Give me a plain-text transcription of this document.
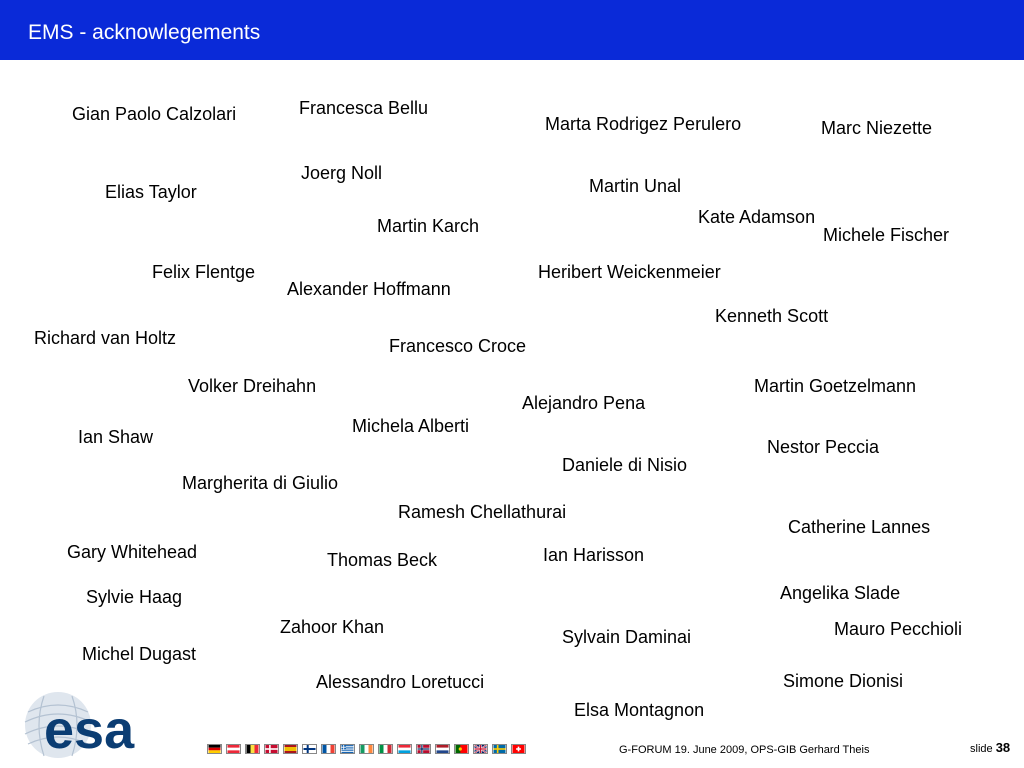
EMS - acknowlegements
Gian Paolo Calzolari	Francesca Bellu
Marta Rodrigez Perulero	Marc Niezette
Joerg Noll
Elias Taylor	Martin Unal
Kate Adamson
Martin Karch	Michele Fischer
Felix Flentge	Heribert Weickenmeier
Alexander Hoffmann
Kenneth Scott
Richard van Holtz	Francesco Croce
Volker Dreihahn	Martin Goetzelmann
Alejandro Pena
Michela Alberti
Ian Shaw	Nestor Peccia
Daniele di Nisio
Margherita di Giulio
Ramesh Chellathurai
Catherine Lannes
Gary Whitehead	Ian Harisson
Thomas Beck
Angelika Slade
Sylvie Haag
Zahoor Khan	Mauro Pecchioli
Sylvain Daminai
Michel Dugast
Simone Dionisi
Alessandro Loretucci
Elsa Montagnon
esa	G-FORUM 19. June 2009, OPS-GIB Gerhard Theis	slide 38
